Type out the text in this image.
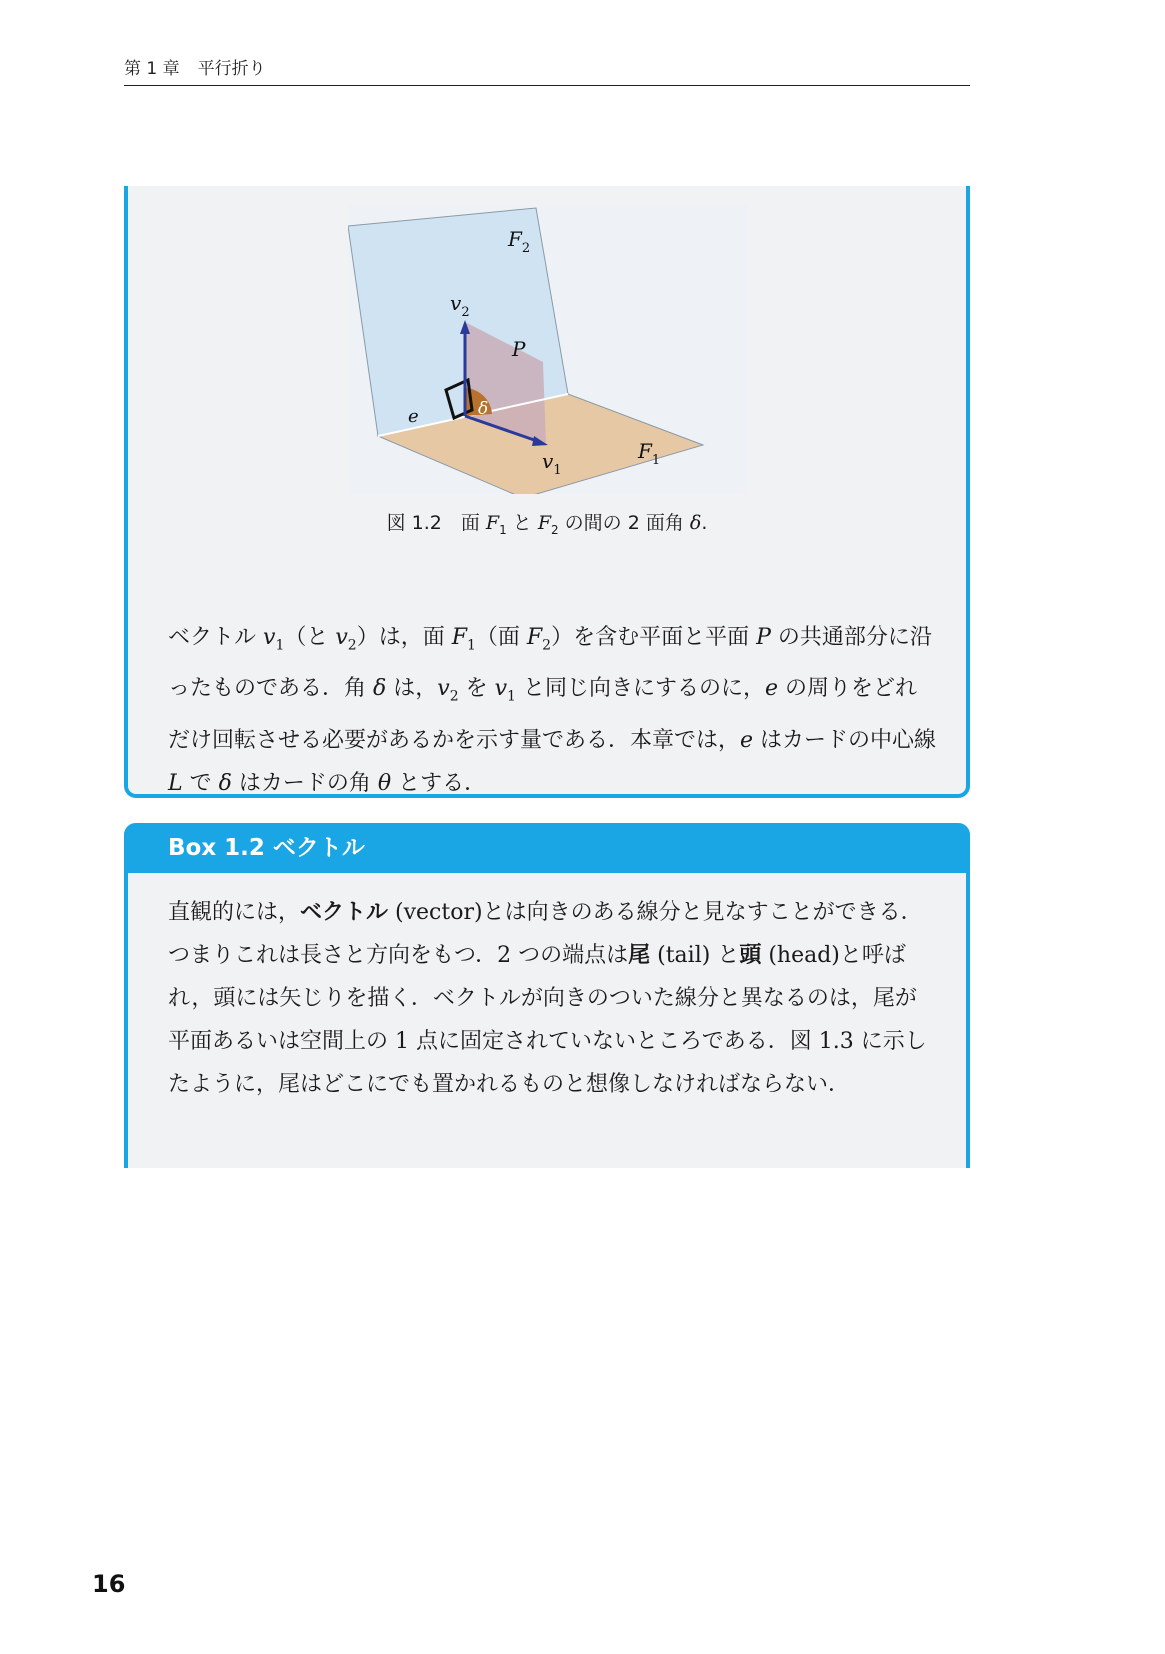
第 1 章 平行折り
$F_2$
$v_2$
P
δ
e
$v_1$
$F_1$
図 1.2　面 $F_1$ と $F_2$ の間の 2 面角 δ.
ベクトル $v_1$（と $v_2$）は，面 $F_1$（面 $F_2$）を含む平面と平面 P の共通部分に沿ったものである．角 δ は，$v_2$ を $v_1$ と同じ向きにするのに，e の周りをどれだけ回転させる必要があるかを示す量である．本章では，e はカードの中心線 L で δ はカードの角 θ とする．
Box 1.2 ベクトル
直観的には，ベクトル (vector)とは向きのある線分と見なすことができる．つまりこれは長さと方向をもつ．2 つの端点は尾 (tail) と頭 (head)と呼ばれ，頭には矢じりを描く．ベクトルが向きのついた線分と異なるのは，尾が平面あるいは空間上の 1 点に固定されていないところである．図 1.3 に示したように，尾はどこにでも置かれるものと想像しなければならない．
16
